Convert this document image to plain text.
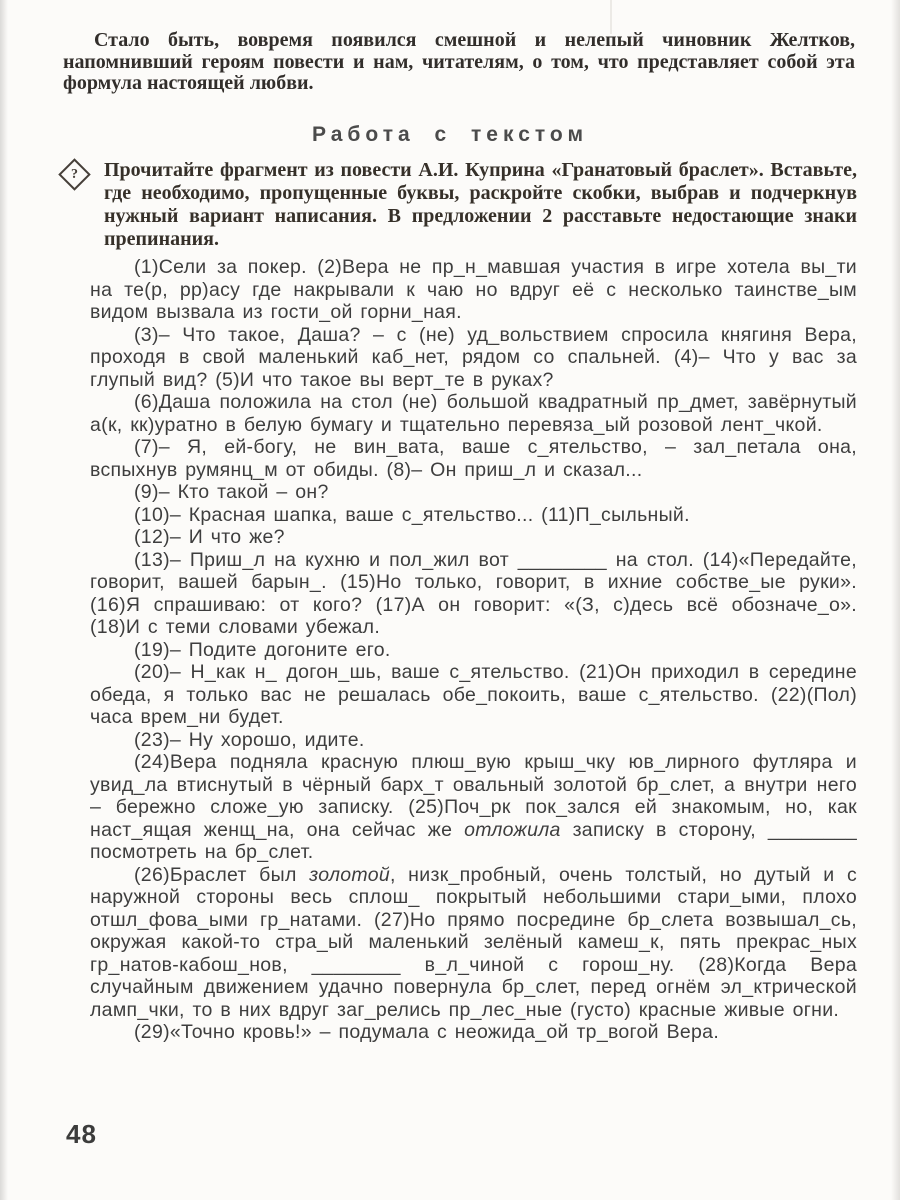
Стало быть, вовремя появился смешной и нелепый чиновник Желтков, напомнивший героям повести и нам, читателям, о том, что представляет собой эта формула настоящей любви.

Работа с текстом
?	Прочитайте фрагмент из повести А.И. Куприна «Гранатовый браслет». Вставьте, где необходимо, пропущенные буквы, раскройте скобки, выбрав и подчеркнув нужный вариант написания. В предложении 2 расставьте недостающие знаки препинания.

(1)Сели за покер. (2)Вера не пр_н_мавшая участия в игре хотела вы_ти на те(р, рр)асу где накрывали к чаю но вдруг её с несколько таинстве_ым видом вызвала из гости_ой горни_ная.

(3)– Что такое, Даша? – с (не) уд_вольствием спросила княгиня Вера, проходя в свой маленький каб_нет, рядом со спальней. (4)– Что у вас за глупый вид? (5)И что такое вы верт_те в руках?

(6)Даша положила на стол (не) большой квадратный пр_дмет, завёрнутый а(к, кк)уратно в белую бумагу и тщательно перевяза_ый розовой лент_чкой.

(7)– Я, ей-богу, не вин_вата, ваше с_ятельство, – зал_петала она, вспыхнув румянц_м от обиды. (8)– Он приш_л и сказал...

(9)– Кто такой – он?

(10)– Красная шапка, ваше с_ятельство... (11)П_сыльный.

(12)– И что же?

(13)– Приш_л на кухню и пол_жил вот ________ на стол. (14)«Передайте, говорит, вашей барын_. (15)Но только, говорит, в ихние собстве_ые руки». (16)Я спрашиваю: от кого? (17)А он говорит: «(З, с)десь всё обозначе_о». (18)И с теми словами убежал.

(19)– Подите догоните его.

(20)– Н_как н_ догон_шь, ваше с_ятельство. (21)Он приходил в середине обеда, я только вас не решалась обе_покоить, ваше с_ятельство. (22)(Пол) часа врем_ни будет.

(23)– Ну хорошо, идите.

(24)Вера подняла красную плюш_вую крыш_чку юв_лирного футляра и увид_ла втиснутый в чёрный барх_т овальный золотой бр_слет, а внутри него – бережно сложе_ую записку. (25)Поч_рк пок_зался ей знакомым, но, как наст_ящая женщ_на, она сейчас же отложила записку в сторону, ________ посмотреть на бр_слет.

(26)Браслет был золотой, низк_пробный, очень толстый, но дутый и с наружной стороны весь сплош_ покрытый небольшими стари_ыми, плохо отшл_фова_ыми гр_натами. (27)Но прямо посредине бр_слета возвышал_сь, окружая какой-то стра_ый маленький зелёный камеш_к, пять прекрас_ных гр_натов-кабош_нов, ________ в_л_чиной с горош_ну. (28)Когда Вера случайным движением удачно повернула бр_слет, перед огнём эл_ктрической ламп_чки, то в них вдруг заг_релись пр_лес_ные (густо) красные живые огни.

(29)«Точно кровь!» – подумала с неожида_ой тр_вогой Вера.

48
